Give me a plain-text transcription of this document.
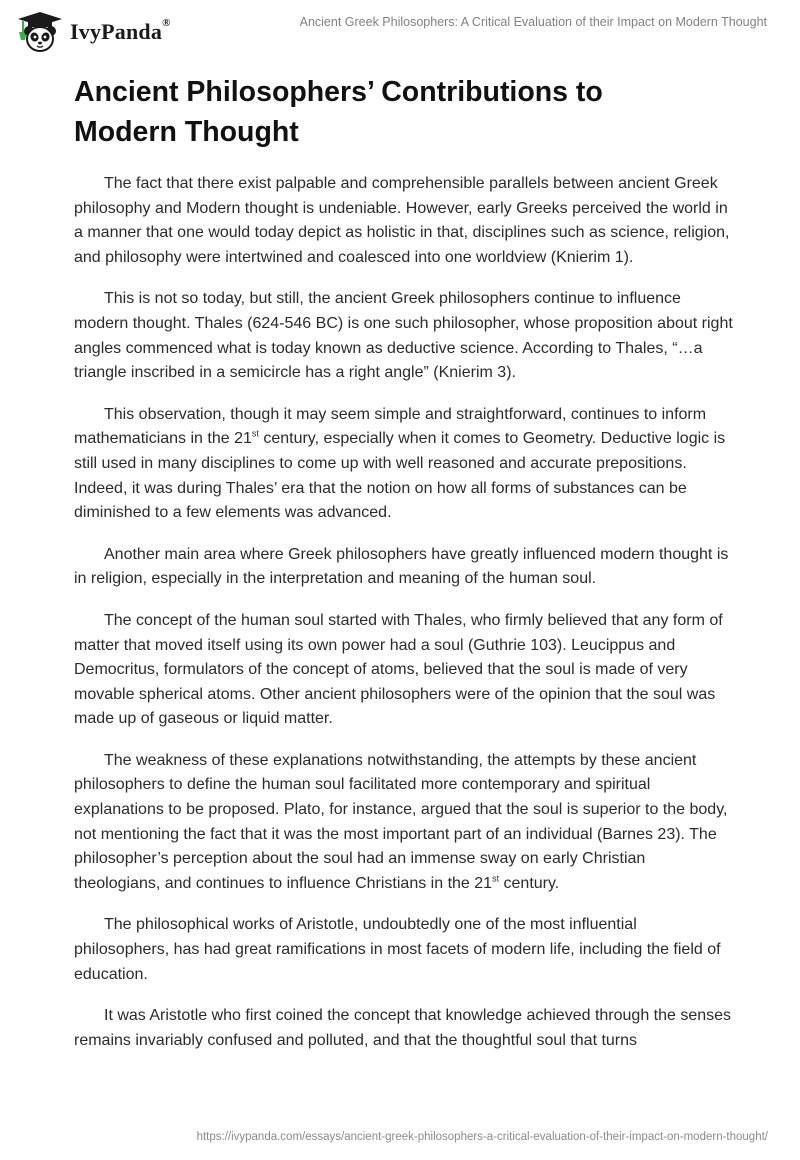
IvyPanda®	Ancient Greek Philosophers: A Critical Evaluation of their Impact on Modern Thought
Ancient Philosophers’ Contributions to Modern Thought

The fact that there exist palpable and comprehensible parallels between ancient Greek philosophy and Modern thought is undeniable. However, early Greeks perceived the world in a manner that one would today depict as holistic in that, disciplines such as science, religion, and philosophy were intertwined and coalesced into one worldview (Knierim 1).

This is not so today, but still, the ancient Greek philosophers continue to influence modern thought. Thales (624-546 BC) is one such philosopher, whose proposition about right angles commenced what is today known as deductive science. According to Thales, “…a triangle inscribed in a semicircle has a right angle” (Knierim 3).

This observation, though it may seem simple and straightforward, continues to inform mathematicians in the 21st century, especially when it comes to Geometry. Deductive logic is still used in many disciplines to come up with well reasoned and accurate prepositions. Indeed, it was during Thales’ era that the notion on how all forms of substances can be diminished to a few elements was advanced.

Another main area where Greek philosophers have greatly influenced modern thought is in religion, especially in the interpretation and meaning of the human soul.

The concept of the human soul started with Thales, who firmly believed that any form of matter that moved itself using its own power had a soul (Guthrie 103). Leucippus and Democritus, formulators of the concept of atoms, believed that the soul is made of very movable spherical atoms. Other ancient philosophers were of the opinion that the soul was made up of gaseous or liquid matter.

The weakness of these explanations notwithstanding, the attempts by these ancient philosophers to define the human soul facilitated more contemporary and spiritual explanations to be proposed. Plato, for instance, argued that the soul is superior to the body, not mentioning the fact that it was the most important part of an individual (Barnes 23). The philosopher’s perception about the soul had an immense sway on early Christian theologians, and continues to influence Christians in the 21st century.

The philosophical works of Aristotle, undoubtedly one of the most influential philosophers, has had great ramifications in most facets of modern life, including the field of education.

It was Aristotle who first coined the concept that knowledge achieved through the senses remains invariably confused and polluted, and that the thoughtful soul that turns

https://ivypanda.com/essays/ancient-greek-philosophers-a-critical-evaluation-of-their-impact-on-modern-thought/
